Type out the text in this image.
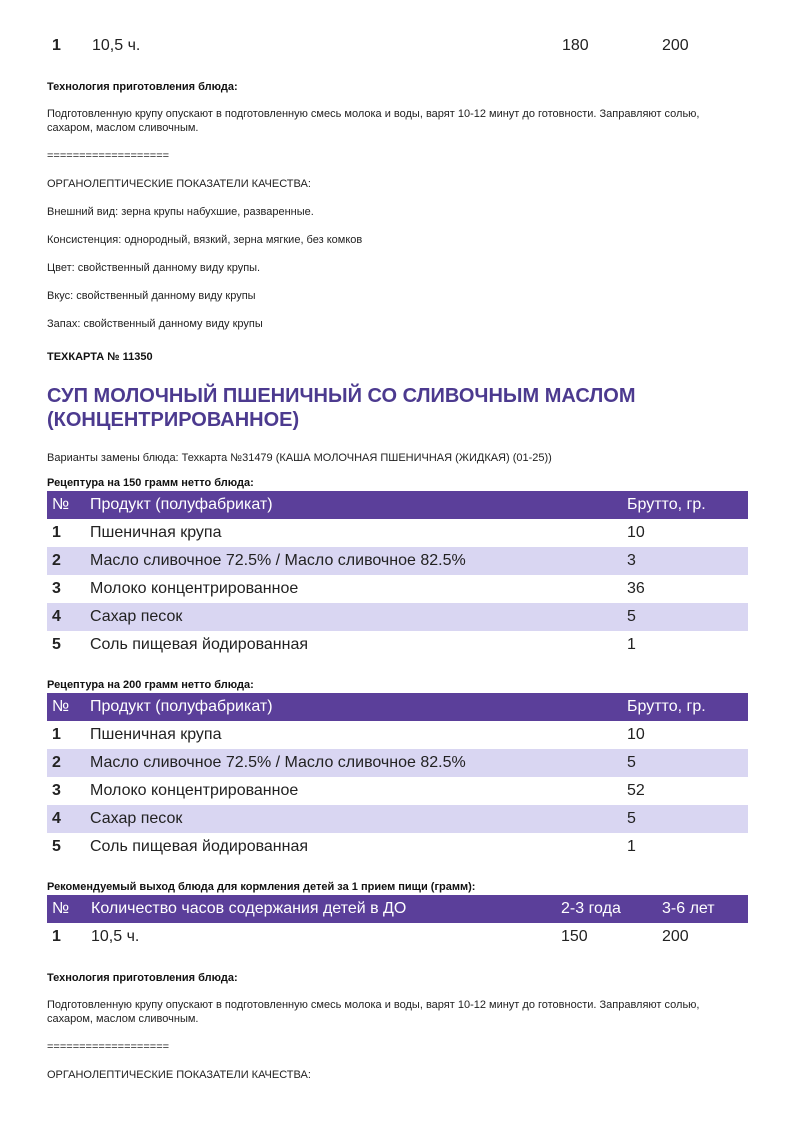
1	10,5 ч.	180	200
Технология приготовления блюда:
Подготовленную крупу опускают в подготовленную смесь молока и воды, варят 10-12 минут до готовности. Заправляют солью, сахаром, маслом сливочным.
===================
ОРГАНОЛЕПТИЧЕСКИЕ ПОКАЗАТЕЛИ КАЧЕСТВА:
Внешний вид: зерна крупы набухшие, разваренные.
Консистенция: однородный, вязкий, зерна мягкие, без комков
Цвет: свойственный данному виду крупы.
Вкус: свойственный данному виду крупы
Запах: свойственный данному виду крупы
ТЕХКАРТА № 11350
СУП МОЛОЧНЫЙ ПШЕНИЧНЫЙ СО СЛИВОЧНЫМ МАСЛОМ
(КОНЦЕНТРИРОВАННОЕ)
Варианты замены блюда: Техкарта №31479 (КАША МОЛОЧНАЯ ПШЕНИЧНАЯ (ЖИДКАЯ) (01-25))
Рецептура на 150 грамм нетто блюда:
№	Продукт (полуфабрикат)	Брутто, гр.
1	Пшеничная крупа	10
2	Масло сливочное 72.5% / Масло сливочное 82.5%	3
3	Молоко концентрированное	36
4	Сахар песок	5
5	Соль пищевая йодированная	1
Рецептура на 200 грамм нетто блюда:
№	Продукт (полуфабрикат)	Брутто, гр.
1	Пшеничная крупа	10
2	Масло сливочное 72.5% / Масло сливочное 82.5%	5
3	Молоко концентрированное	52
4	Сахар песок	5
5	Соль пищевая йодированная	1
Рекомендуемый выход блюда для кормления детей за 1 прием пищи (грамм):
№	Количество часов содержания детей в ДО	2-3 года	3-6 лет
1	10,5 ч.	150	200
Технология приготовления блюда:
Подготовленную крупу опускают в подготовленную смесь молока и воды, варят 10-12 минут до готовности. Заправляют солью, сахаром, маслом сливочным.
===================
ОРГАНОЛЕПТИЧЕСКИЕ ПОКАЗАТЕЛИ КАЧЕСТВА:
